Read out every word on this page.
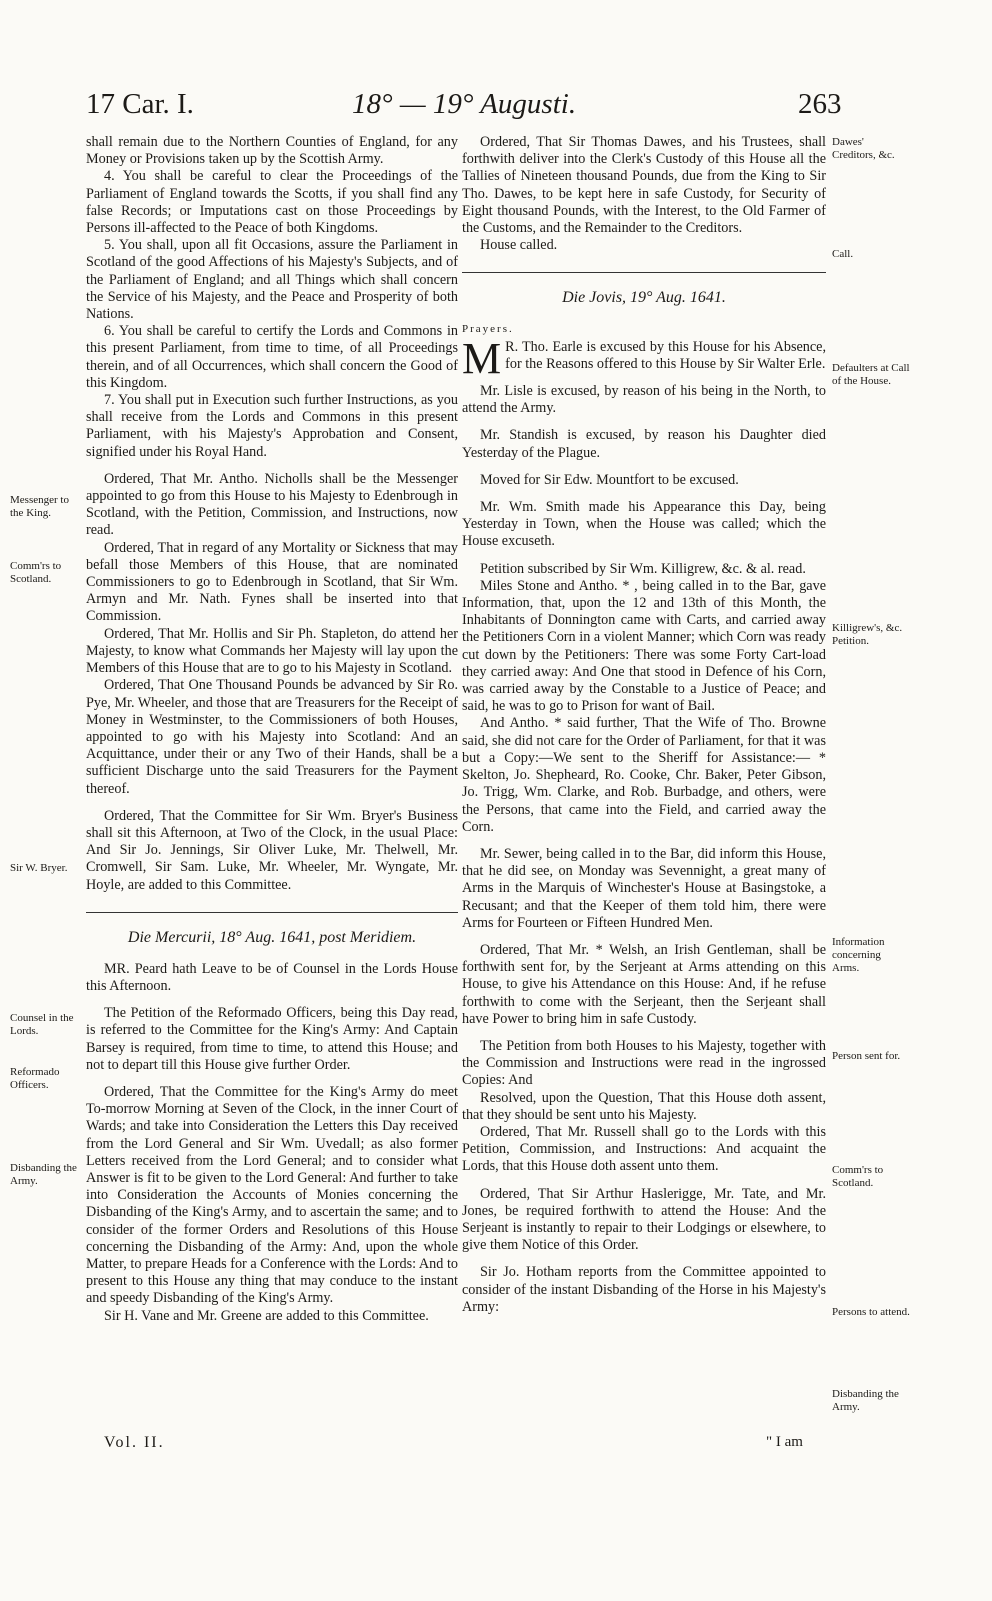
17 Car. I.	18° — 19° Augusti.	263

shall remain due to the Northern Counties of England, for any Money or Provisions taken up by the Scottish Army.

4. You shall be careful to clear the Proceedings of the Parliament of England towards the Scotts, if you shall find any false Records; or Imputations cast on those Proceedings by Persons ill-affected to the Peace of both Kingdoms.

5. You shall, upon all fit Occasions, assure the Parliament in Scotland of the good Affections of his Majesty's Subjects, and of the Parliament of England; and all Things which shall concern the Service of his Majesty, and the Peace and Prosperity of both Nations.

6. You shall be careful to certify the Lords and Commons in this present Parliament, from time to time, of all Proceedings therein, and of all Occurrences, which shall concern the Good of this Kingdom.

7. You shall put in Execution such further Instructions, as you shall receive from the Lords and Commons in this present Parliament, with his Majesty's Approbation and Consent, signified under his Royal Hand.

Ordered, That Mr. Antho. Nicholls shall be the Messenger appointed to go from this House to his Majesty to Edenbrough in Scotland, with the Petition, Commission, and Instructions, now read.

Ordered, That in regard of any Mortality or Sickness that may befall those Members of this House, that are nominated Commissioners to go to Edenbrough in Scotland, that Sir Wm. Armyn and Mr. Nath. Fynes shall be inserted into that Commission.

Ordered, That Mr. Hollis and Sir Ph. Stapleton, do attend her Majesty, to know what Commands her Majesty will lay upon the Members of this House that are to go to his Majesty in Scotland.

Ordered, That One Thousand Pounds be advanced by Sir Ro. Pye, Mr. Wheeler, and those that are Treasurers for the Receipt of Money in Westminster, to the Commissioners of both Houses, appointed to go with his Majesty into Scotland: And an Acquittance, under their or any Two of their Hands, shall be a sufficient Discharge unto the said Treasurers for the Payment thereof.

Ordered, That the Committee for Sir Wm. Bryer's Business shall sit this Afternoon, at Two of the Clock, in the usual Place: And Sir Jo. Jennings, Sir Oliver Luke, Mr. Thelwell, Mr. Cromwell, Sir Sam. Luke, Mr. Wheeler, Mr. Wyngate, Mr. Hoyle, are added to this Committee.

Die Mercurii, 18° Aug. 1641, post Meridiem.

MR. Peard hath Leave to be of Counsel in the Lords House this Afternoon.

The Petition of the Reformado Officers, being this Day read, is referred to the Committee for the King's Army: And Captain Barsey is required, from time to time, to attend this House; and not to depart till this House give further Order.

Ordered, That the Committee for the King's Army do meet To-morrow Morning at Seven of the Clock, in the inner Court of Wards; and take into Consideration the Letters this Day received from the Lord General and Sir Wm. Uvedall; as also former Letters received from the Lord General; and to consider what Answer is fit to be given to the Lord General: And further to take into Consideration the Accounts of Monies concerning the Disbanding of the King's Army, and to ascertain the same; and to consider of the former Orders and Resolutions of this House concerning the Disbanding of the Army: And, upon the whole Matter, to prepare Heads for a Conference with the Lords: And to present to this House any thing that may conduce to the instant and speedy Disbanding of the King's Army.

Sir H. Vane and Mr. Greene are added to this Committee.

Messenger to the King.
Comm'rs to Scotland.
Sir W. Bryer.
Counsel in the Lords.
Reformado Officers.
Disbanding the Army.

Ordered, That Sir Thomas Dawes, and his Trustees, shall forthwith deliver into the Clerk's Custody of this House all the Tallies of Nineteen thousand Pounds, due from the King to Sir Tho. Dawes, to be kept here in safe Custody, for Security of Eight thousand Pounds, with the Interest, to the Old Farmer of the Customs, and the Remainder to the Creditors.

House called.

Die Jovis, 19° Aug. 1641.

Prayers.

M R. Tho. Earle is excused by this House for his Absence, for the Reasons offered to this House by Sir Walter Erle.

Mr. Lisle is excused, by reason of his being in the North, to attend the Army.

Mr. Standish is excused, by reason his Daughter died Yesterday of the Plague.

Moved for Sir Edw. Mountfort to be excused.

Mr. Wm. Smith made his Appearance this Day, being Yesterday in Town, when the House was called; which the House excuseth.

Petition subscribed by Sir Wm. Killigrew, &c. & al. read.

Miles Stone and Antho. * , being called in to the Bar, gave Information, that, upon the 12 and 13th of this Month, the Inhabitants of Donnington came with Carts, and carried away the Petitioners Corn in a violent Manner; which Corn was ready cut down by the Petitioners: There was some Forty Cart-load they carried away: And One that stood in Defence of his Corn, was carried away by the Constable to a Justice of Peace; and said, he was to go to Prison for want of Bail.

And Antho. * said further, That the Wife of Tho. Browne said, she did not care for the Order of Parliament, for that it was but a Copy:—We sent to the Sheriff for Assistance:— * Skelton, Jo. Shepheard, Ro. Cooke, Chr. Baker, Peter Gibson, Jo. Trigg, Wm. Clarke, and Rob. Burbadge, and others, were the Persons, that came into the Field, and carried away the Corn.

Mr. Sewer, being called in to the Bar, did inform this House, that he did see, on Monday was Sevennight, a great many of Arms in the Marquis of Winchester's House at Basingstoke, a Recusant; and that the Keeper of them told him, there were Arms for Fourteen or Fifteen Hundred Men.

Ordered, That Mr. * Welsh, an Irish Gentleman, shall be forthwith sent for, by the Serjeant at Arms attending on this House, to give his Attendance on this House: And, if he refuse forthwith to come with the Serjeant, then the Serjeant shall have Power to bring him in safe Custody.

The Petition from both Houses to his Majesty, together with the Commission and Instructions were read in the ingrossed Copies: And

Resolved, upon the Question, That this House doth assent, that they should be sent unto his Majesty.

Ordered, That Mr. Russell shall go to the Lords with this Petition, Commission, and Instructions: And acquaint the Lords, that this House doth assent unto them.

Ordered, That Sir Arthur Haslerigge, Mr. Tate, and Mr. Jones, be required forthwith to attend the House: And the Serjeant is instantly to repair to their Lodgings or elsewhere, to give them Notice of this Order.

Sir Jo. Hotham reports from the Committee appointed to consider of the instant Disbanding of the Horse in his Majesty's Army:

Dawes' Creditors, &c.
Call.
Defaulters at Call of the House.
Killigrew's, &c. Petition.
Information concerning Arms.
Person sent for.
Comm'rs to Scotland.
Persons to attend.
Disbanding the Army.
Vol. II.	" I am
